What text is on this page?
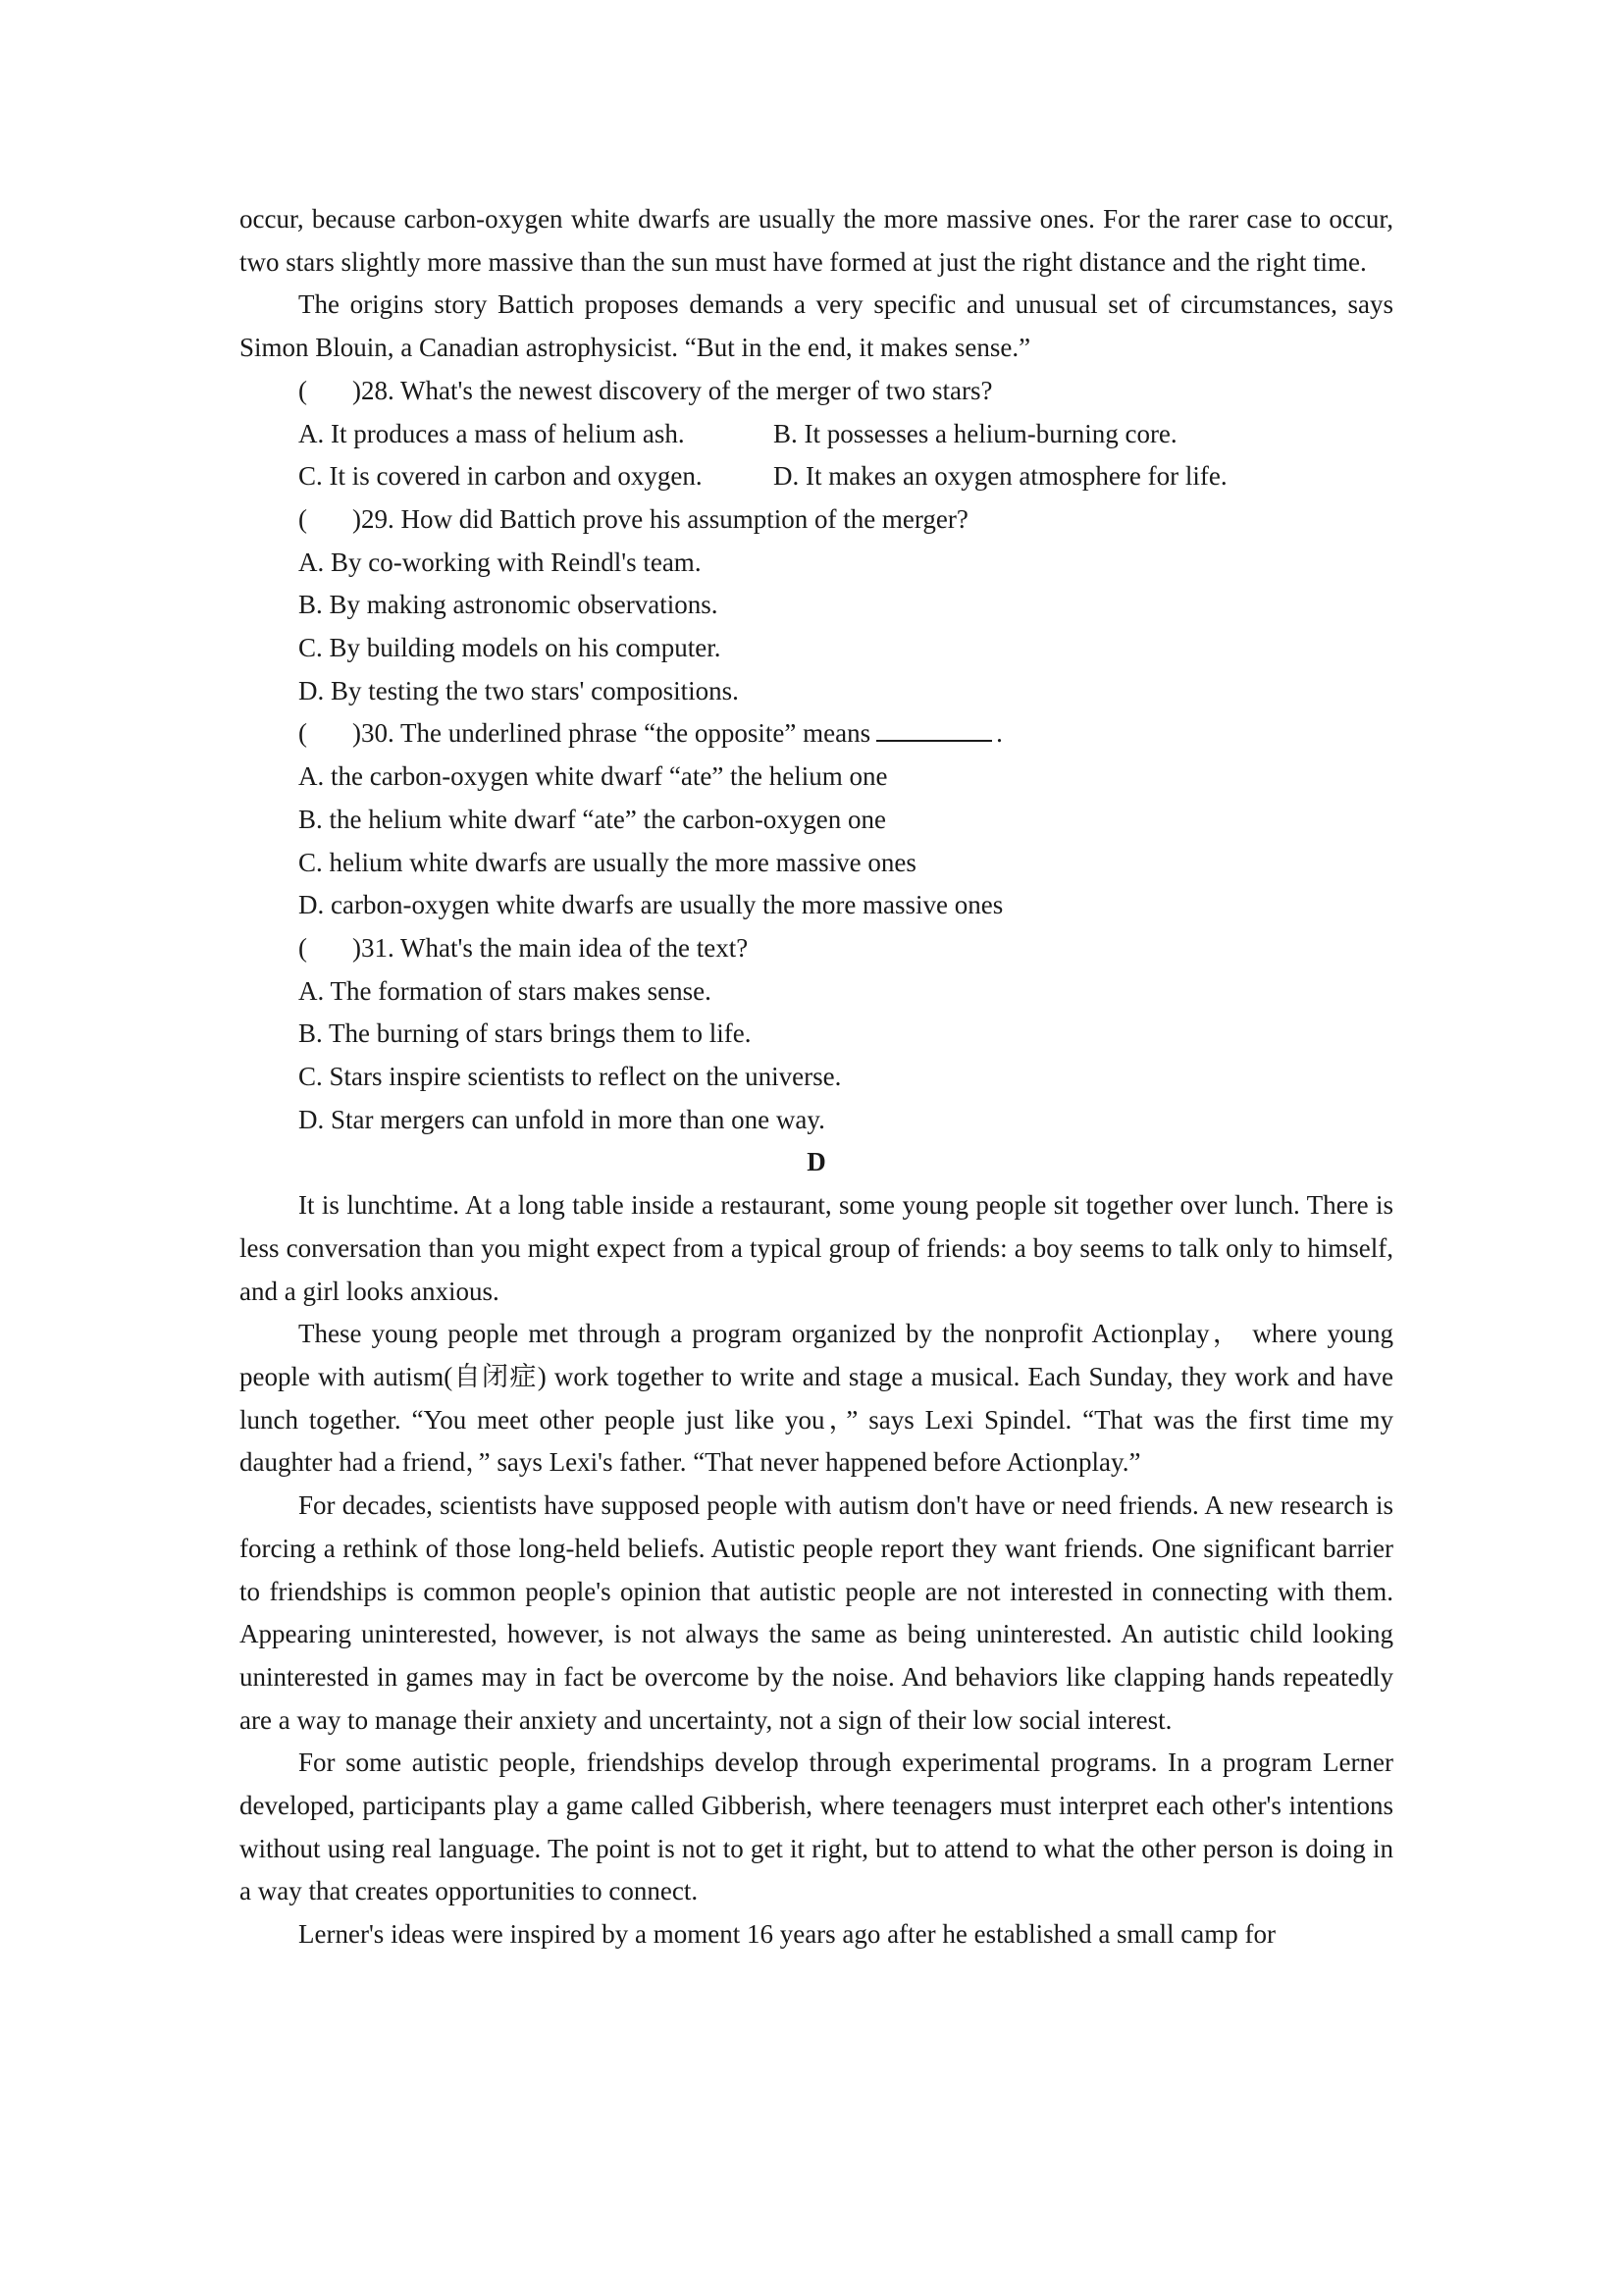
occur, because carbon-oxygen white dwarfs are usually the more massive ones. For the rarer case to occur, two stars slightly more massive than the sun must have formed at just the right distance and the right time.

The origins story Battich proposes demands a very specific and unusual set of circumstances, says Simon Blouin, a Canadian astrophysicist. “But in the end, it makes sense.”

( )28. What's the newest discovery of the merger of two stars?

A. It produces a mass of helium ash.	B. It possesses a helium-burning core.

C. It is covered in carbon and oxygen.	D. It makes an oxygen atmosphere for life.

( )29. How did Battich prove his assumption of the merger?

A. By co-working with Reindl's team.

B. By making astronomic observations.

C. By building models on his computer.

D. By testing the two stars' compositions.

( )30. The underlined phrase “the opposite” means	.

A. the carbon-oxygen white dwarf “ate” the helium one

B. the helium white dwarf “ate” the carbon-oxygen one

C. helium white dwarfs are usually the more massive ones

D. carbon-oxygen white dwarfs are usually the more massive ones

( )31. What's the main idea of the text?

A. The formation of stars makes sense.

B. The burning of stars brings them to life.

C. Stars inspire scientists to reflect on the universe.

D. Star mergers can unfold in more than one way.

D

It is lunchtime. At a long table inside a restaurant, some young people sit together over lunch. There is less conversation than you might expect from a typical group of friends: a boy seems to talk only to himself, and a girl looks anxious.

These young people met through a program organized by the nonprofit Actionplay， where young people with autism(自闭症) work together to write and stage a musical. Each Sunday, they work and have lunch together. “You meet other people just like you，” says Lexi Spindel. “That was the first time my daughter had a friend，” says Lexi's father. “That never happened before Actionplay.”

For decades, scientists have supposed people with autism don't have or need friends. A new research is forcing a rethink of those long-held beliefs. Autistic people report they want friends. One significant barrier to friendships is common people's opinion that autistic people are not interested in connecting with them. Appearing uninterested, however, is not always the same as being uninterested. An autistic child looking uninterested in games may in fact be overcome by the noise. And behaviors like clapping hands repeatedly are a way to manage their anxiety and uncertainty, not a sign of their low social interest.

For some autistic people, friendships develop through experimental programs. In a program Lerner developed, participants play a game called Gibberish, where teenagers must interpret each other's intentions without using real language. The point is not to get it right, but to attend to what the other person is doing in a way that creates opportunities to connect.

Lerner's ideas were inspired by a moment 16 years ago after he established a small camp for
